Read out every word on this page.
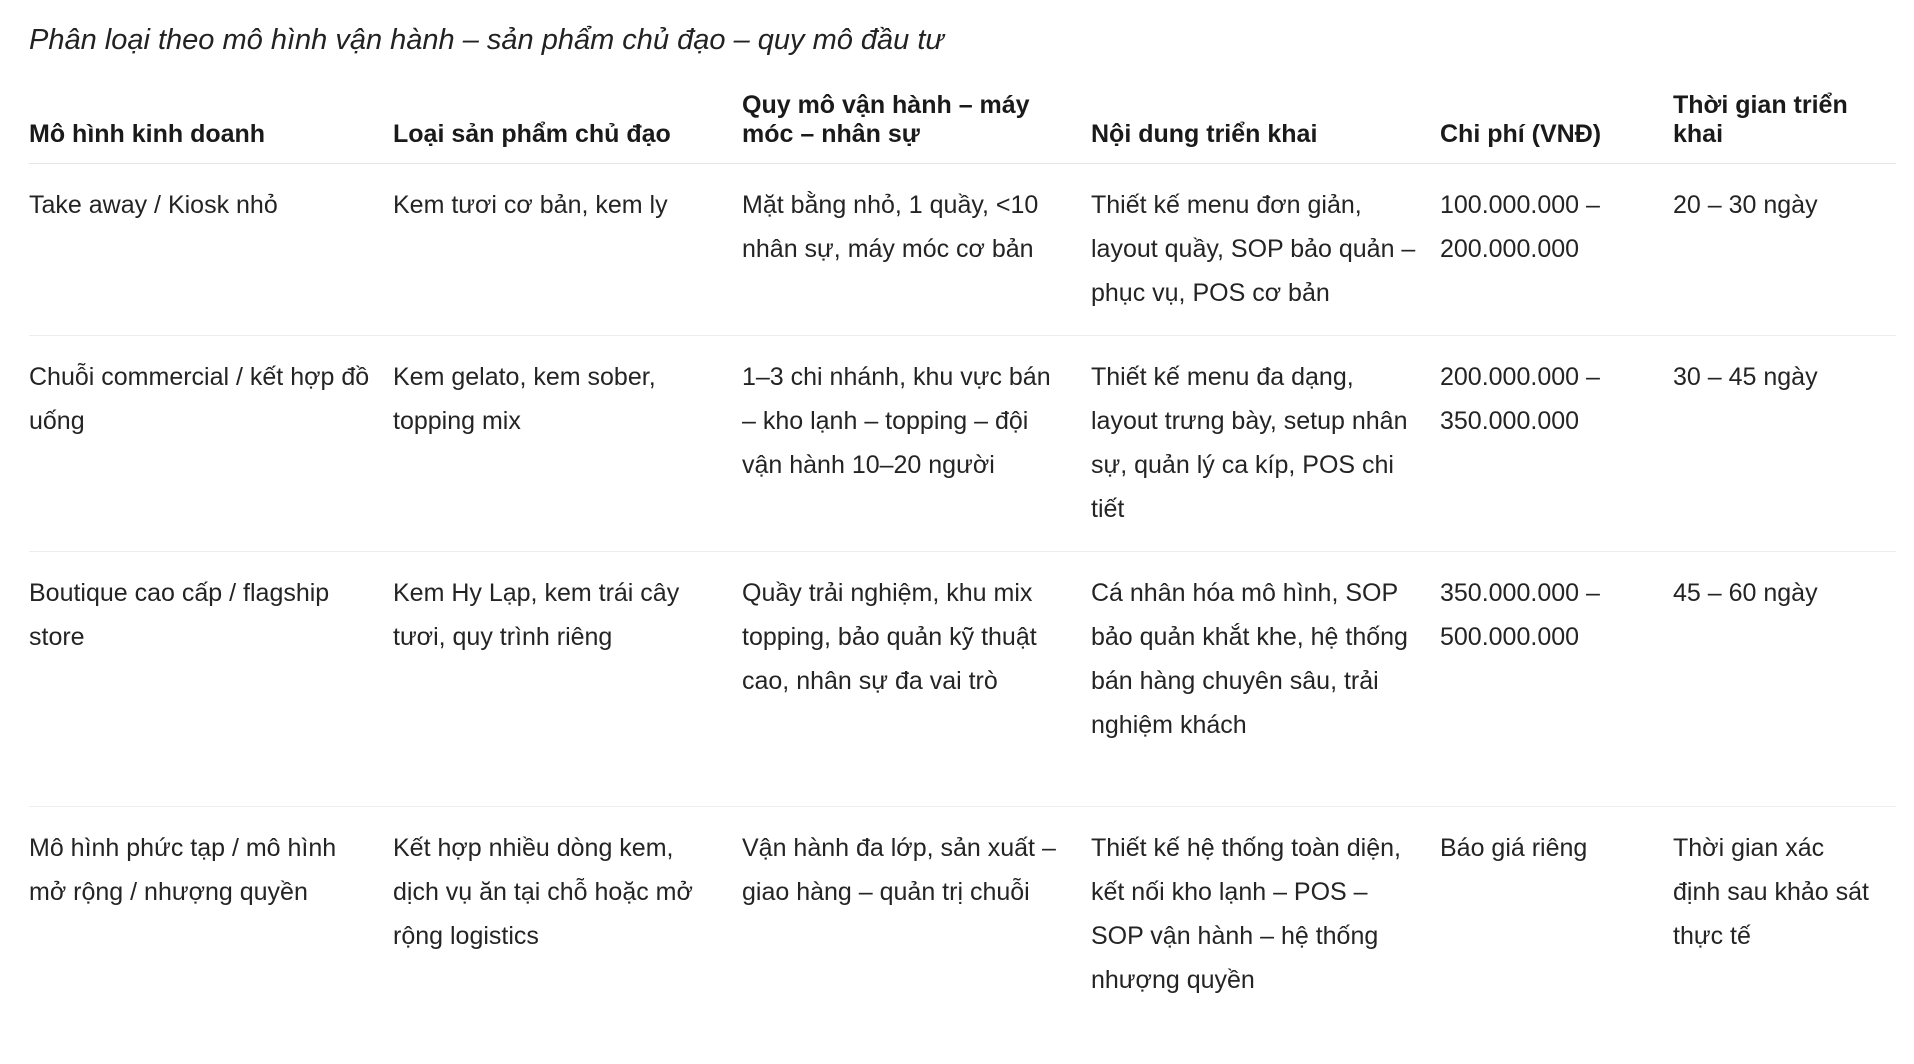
Phân loại theo mô hình vận hành – sản phẩm chủ đạo – quy mô đầu tư
Mô hình kinh doanh	Loại sản phẩm chủ đạo	Quy mô vận hành – máy móc – nhân sự	Nội dung triển khai	Chi phí (VNĐ)	Thời gian triển khai
Take away / Kiosk nhỏ	Kem tươi cơ bản, kem ly	Mặt bằng nhỏ, 1 quầy, <10 nhân sự, máy móc cơ bản	Thiết kế menu đơn giản, layout quầy, SOP bảo quản – phục vụ, POS cơ bản	100.000.000 – 200.000.000	20 – 30 ngày
Chuỗi commercial / kết hợp đồ uống	Kem gelato, kem sober, topping mix	1–3 chi nhánh, khu vực bán – kho lạnh – topping – đội vận hành 10–20 người	Thiết kế menu đa dạng, layout trưng bày, setup nhân sự, quản lý ca kíp, POS chi tiết	200.000.000 – 350.000.000	30 – 45 ngày
Boutique cao cấp / flagship store	Kem Hy Lạp, kem trái cây tươi, quy trình riêng	Quầy trải nghiệm, khu mix topping, bảo quản kỹ thuật cao, nhân sự đa vai trò	Cá nhân hóa mô hình, SOP bảo quản khắt khe, hệ thống bán hàng chuyên sâu, trải nghiệm khách	350.000.000 – 500.000.000	45 – 60 ngày
Mô hình phức tạp / mô hình mở rộng / nhượng quyền	Kết hợp nhiều dòng kem, dịch vụ ăn tại chỗ hoặc mở rộng logistics	Vận hành đa lớp, sản xuất – giao hàng – quản trị chuỗi	Thiết kế hệ thống toàn diện, kết nối kho lạnh – POS – SOP vận hành – hệ thống nhượng quyền	Báo giá riêng	Thời gian xác định sau khảo sát thực tế
